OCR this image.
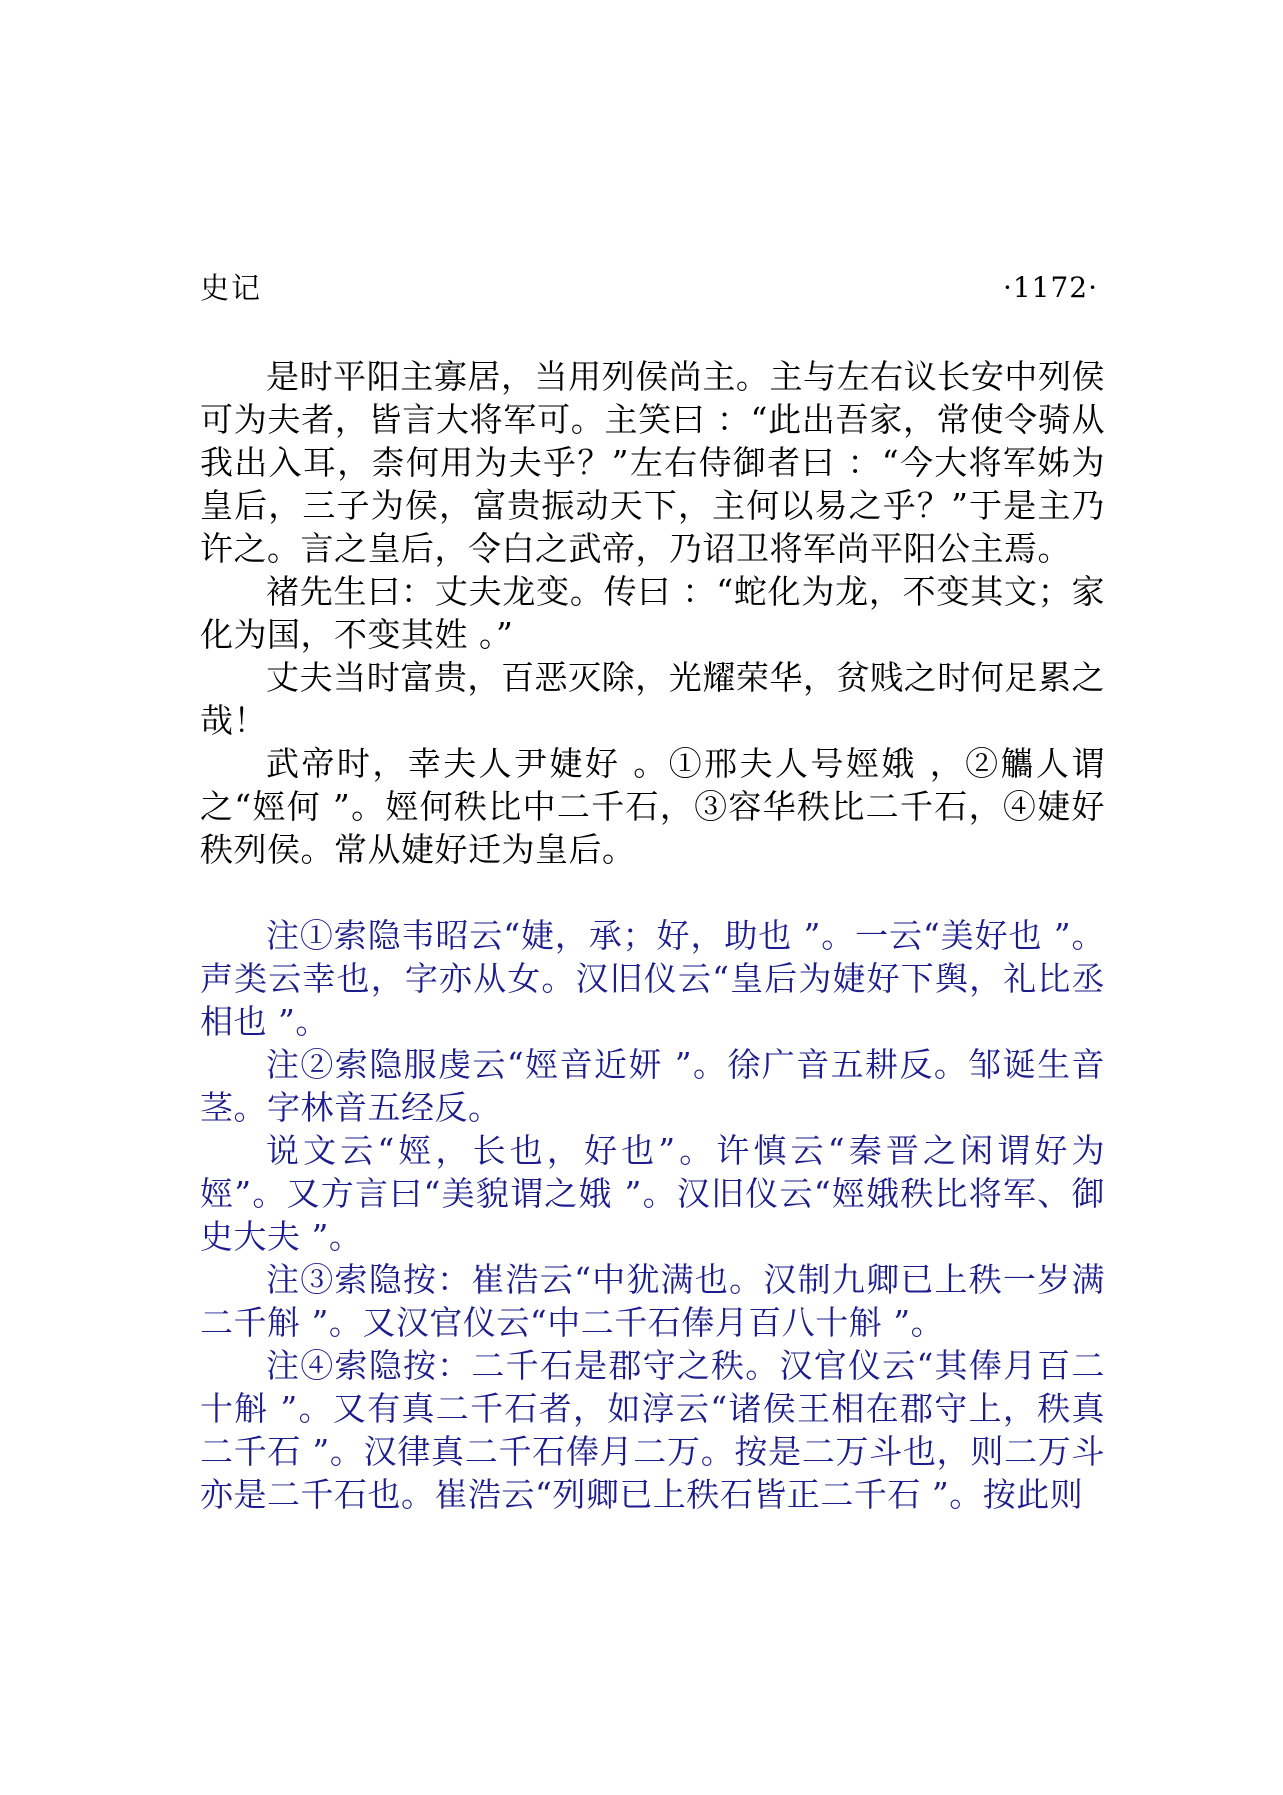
史记	·1172·

是时平阳主寡居，当用列侯尚主。主与左右议长安中列侯可为夫者，皆言大将军可。主笑曰 ：“此出吾家，常使令骑从我出入耳，柰何用为夫乎？”左右侍御者曰 ：“今大将军姊为皇后，三子为侯，富贵振动天下，主何以易之乎？”于是主乃许之。言之皇后，令白之武帝，乃诏卫将军尚平阳公主焉。

褚先生曰：丈夫龙变。传曰 ：“蛇化为龙，不变其文；家化为国，不变其姓 。”

丈夫当时富贵，百恶灭除，光耀荣华，贫贱之时何足累之哉！

武帝时，幸夫人尹婕好 。①邢夫人号娙娥 ，②觿人谓之“娙何 ”。娙何秩比中二千石，③容华秩比二千石，④婕好秩列侯。常从婕好迁为皇后。

注①索隐韦昭云“婕，承；好，助也 ”。一云“美好也 ”。声类云幸也，字亦从女。汉旧仪云“皇后为婕好下舆，礼比丞相也 ”。

注②索隐服虔云“娙音近妍 ”。徐广音五耕反。邹诞生音茎。字林音五经反。

说文云“娙，长也，好也”。许慎云“秦晋之闲谓好为娙”。又方言曰“美貌谓之娥 ”。汉旧仪云“娙娥秩比将军、御史大夫 ”。

注③索隐按：崔浩云“中犹满也。汉制九卿已上秩一岁满二千斛 ”。又汉官仪云“中二千石俸月百八十斛 ”。

注④索隐按：二千石是郡守之秩。汉官仪云“其俸月百二十斛 ”。又有真二千石者，如淳云“诸侯王相在郡守上，秩真二千石 ”。汉律真二千石俸月二万。按是二万斗也，则二万斗亦是二千石也。崔浩云“列卿已上秩石皆正二千石 ”。按此则
